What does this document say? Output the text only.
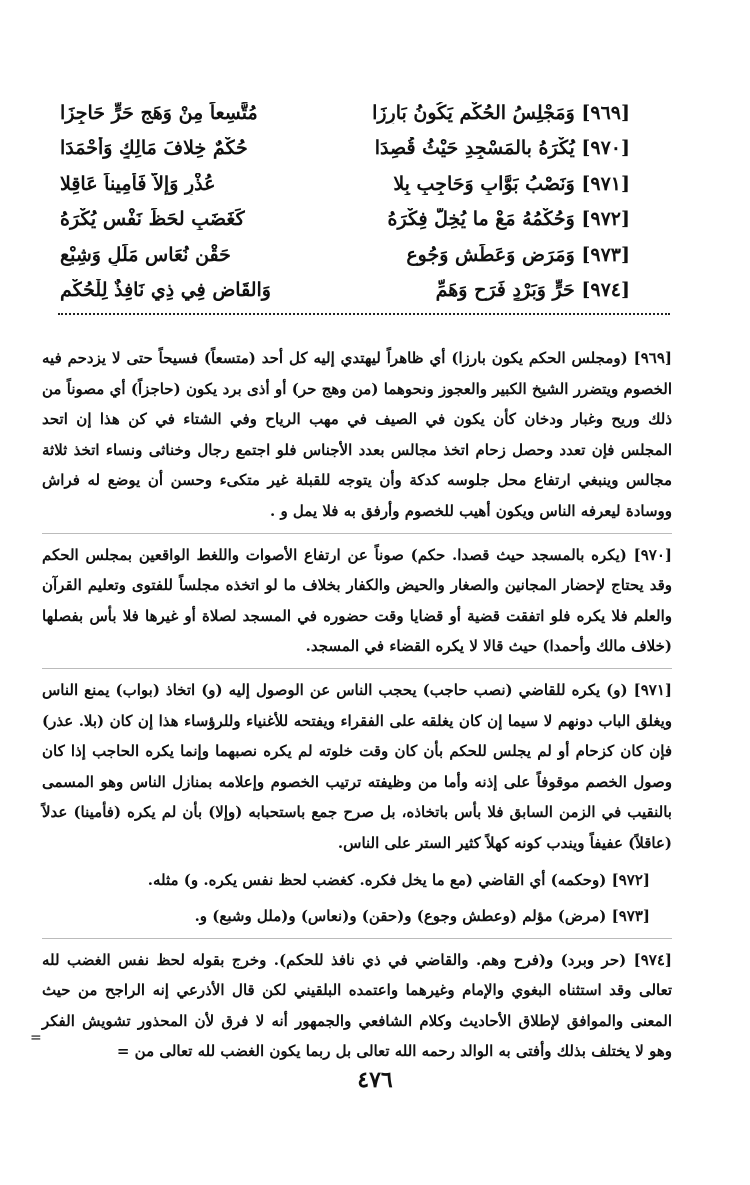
[٩٦٩] وَمَجْلِسُ الحُكْمِ يَكُونُ بَارِزَا
مُتَّسِعاً مِنْ وَهَجِ حَرٍّ حَاجِزَا
[٩٧٠] يُكْرَهُ بالمَسْجِدِ حَيْثُ قُصِدَا
حُكْمٌ خِلافَ مَالِكٍ وَأَحْمَدَا
[٩٧١] وَنَصْبُ بَوَّابٍ وَحَاجِبٍ بِلا
عُذْرٍ وَإلاَّ فَأَمِيناً عَاقِلا
[٩٧٢] وَحُكْمُهُ مَعْ ما يُخِلُّ فِكْرَهُ
كَغَضَبٍ لحَظِّ نَفْسٍ يُكْرَهُ
[٩٧٣] وَمَرَضٍ وَعَطَشٍ وَجُوعِ
حَقْنٍ نُعَاسٍ مَلَلٍ وَشِبْعِ
[٩٧٤] حَرٍّ وَبَرْدٍ فَرَحٍ وَهَمِّ
وَالقَاضِ فِي ذِي نَافِذٌ لِلْحُكْمِ

[٩٦٩] (ومجلس الحكم يكون بارزا) أي ظاهراً ليهتدي إليه كل أحد (متسعاً) فسيحاً حتى لا يزدحم فيه الخصوم ويتضرر الشيخ الكبير والعجوز ونحوهما (من وهج حر) أو أذى برد يكون (حاجزاً) أي مصوناً من ذلك وريح وغبار ودخان كأن يكون في الصيف في مهب الرياح وفي الشتاء في كن هذا إن اتحد المجلس فإن تعدد وحصل زحام اتخذ مجالس بعدد الأجناس فلو اجتمع رجال وخناثى ونساء اتخذ ثلاثة مجالس وينبغي ارتفاع محل جلوسه كدكة وأن يتوجه للقبلة غير متكىء وحسن أن يوضع له فراش ووسادة ليعرفه الناس ويكون أهيب للخصوم وأرفق به فلا يمل و .

[٩٧٠] (يكره بالمسجد حيث قصدا. حكم) صوناً عن ارتفاع الأصوات واللغط الواقعين بمجلس الحكم وقد يحتاج لإحضار المجانين والصغار والحيض والكفار بخلاف ما لو اتخذه مجلساً للفتوى وتعليم القرآن والعلم فلا يكره فلو اتفقت قضية أو قضايا وقت حضوره في المسجد لصلاة أو غيرها فلا بأس بفصلها (خلاف مالك وأحمدا) حيث قالا لا يكره القضاء في المسجد.

[٩٧١] (و) يكره للقاضي (نصب حاجب) يحجب الناس عن الوصول إليه (و) اتخاذ (بواب) يمنع الناس ويغلق الباب دونهم لا سيما إن كان يغلقه على الفقراء ويفتحه للأغنياء وللرؤساء هذا إن كان (بلا. عذر) فإن كان كزحام أو لم يجلس للحكم بأن كان وقت خلوته لم يكره نصبهما وإنما يكره الحاجب إذا كان وصول الخصم موقوفاً على إذنه وأما من وظيفته ترتيب الخصوم وإعلامه بمنازل الناس وهو المسمى بالنقيب في الزمن السابق فلا بأس باتخاذه، بل صرح جمع باستحبابه (وإلا) بأن لم يكره (فأمينا) عدلاً (عاقلاً) عفيفاً ويندب كونه كهلاً كثير الستر على الناس.

[٩٧٢] (وحكمه) أي القاضي (مع ما يخل فكره. كغضب لحظ نفس يكره. و) مثله.

[٩٧٣] (مرض) مؤلم (وعطش وجوع) و(حقن) و(نعاس) و(ملل وشبع) و.

[٩٧٤] (حر وبرد) و(فرح وهم. والقاضي في ذي نافذ للحكم). وخرج بقوله لحظ نفس الغضب لله تعالى وقد استثناه البغوي والإمام وغيرهما واعتمده البلقيني لكن قال الأذرعي إنه الراجح من حيث المعنى والموافق لإطلاق الأحاديث وكلام الشافعي والجمهور أنه لا فرق لأن المحذور تشويش الفكر وهو لا يختلف بذلك وأفتى به الوالد رحمه الله تعالى بل ربما يكون الغضب لله تعالى من =

=
٤٧٦
